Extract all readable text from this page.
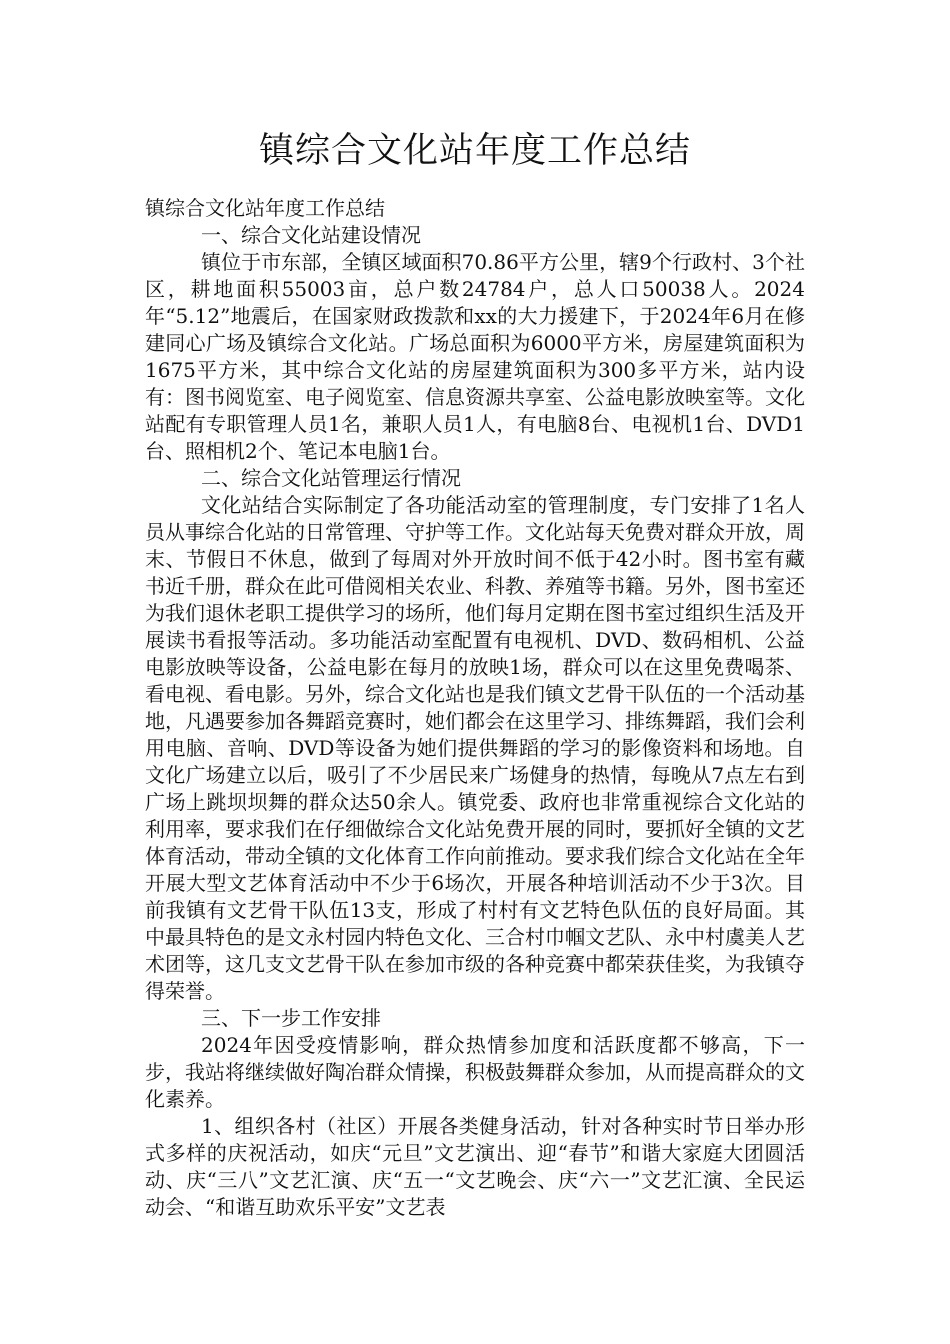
镇综合文化站年度工作总结

镇综合文化站年度工作总结

一、综合文化站建设情况

镇位于市东部，全镇区域面积70.86平方公里，辖9个行政村、3个社区，耕地面积55003亩，总户数24784户，总人口50038人。2024年“5.12”地震后，在国家财政拨款和xx的大力援建下，于2024年6月在修建同心广场及镇综合文化站。广场总面积为6000平方米，房屋建筑面积为1675平方米，其中综合文化站的房屋建筑面积为300多平方米，站内设有：图书阅览室、电子阅览室、信息资源共享室、公益电影放映室等。文化站配有专职管理人员1名，兼职人员1人，有电脑8台、电视机1台、DVD1台、照相机2个、笔记本电脑1台。

二、综合文化站管理运行情况

文化站结合实际制定了各功能活动室的管理制度，专门安排了1名人员从事综合化站的日常管理、守护等工作。文化站每天免费对群众开放，周末、节假日不休息，做到了每周对外开放时间不低于42小时。图书室有藏书近千册，群众在此可借阅相关农业、科教、养殖等书籍。另外，图书室还为我们退休老职工提供学习的场所，他们每月定期在图书室过组织生活及开展读书看报等活动。多功能活动室配置有电视机、DVD、数码相机、公益电影放映等设备，公益电影在每月的放映1场，群众可以在这里免费喝茶、看电视、看电影。另外，综合文化站也是我们镇文艺骨干队伍的一个活动基地，凡遇要参加各舞蹈竞赛时，她们都会在这里学习、排练舞蹈，我们会利用电脑、音响、DVD等设备为她们提供舞蹈的学习的影像资料和场地。自文化广场建立以后，吸引了不少居民来广场健身的热情，每晚从7点左右到广场上跳坝坝舞的群众达50余人。镇党委、政府也非常重视综合文化站的利用率，要求我们在仔细做综合文化站免费开展的同时，要抓好全镇的文艺体育活动，带动全镇的文化体育工作向前推动。要求我们综合文化站在全年开展大型文艺体育活动中不少于6场次，开展各种培训活动不少于3次。目前我镇有文艺骨干队伍13支，形成了村村有文艺特色队伍的良好局面。其中最具特色的是文永村园内特色文化、三合村巾帼文艺队、永中村虞美人艺术团等，这几支文艺骨干队在参加市级的各种竞赛中都荣获佳奖，为我镇夺得荣誉。

三、下一步工作安排

2024年因受疫情影响，群众热情参加度和活跃度都不够高，下一步，我站将继续做好陶冶群众情操，积极鼓舞群众参加，从而提高群众的文化素养。

1、组织各村（社区）开展各类健身活动，针对各种实时节日举办形式多样的庆祝活动，如庆“元旦”文艺演出、迎“春节”和谐大家庭大团圆活动、庆“三八”文艺汇演、庆“五一“文艺晚会、庆“六一”文艺汇演、全民运动会、“和谐互助欢乐平安”文艺表
